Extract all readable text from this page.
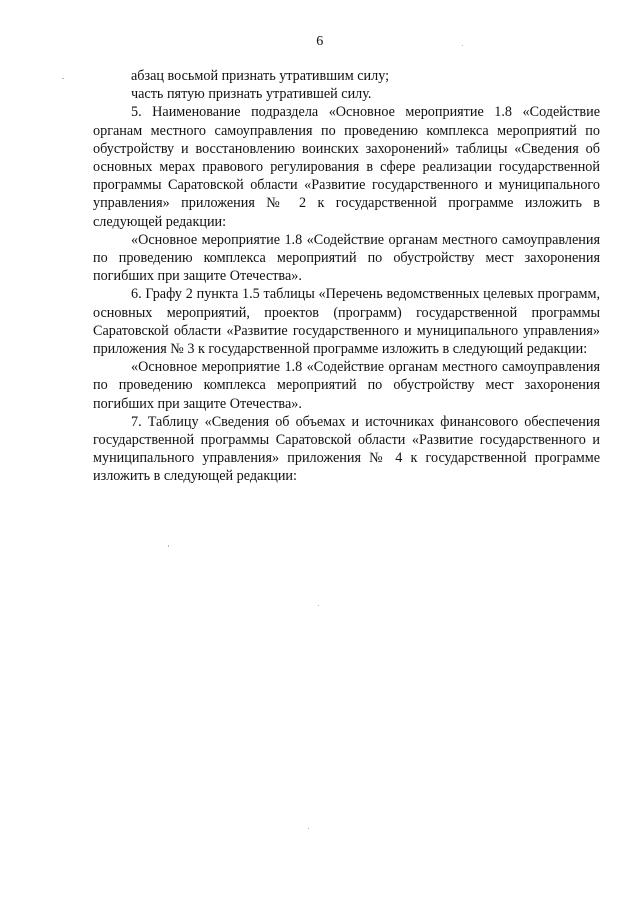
6

абзац восьмой признать утратившим силу;

часть пятую признать утратившей силу.

5. Наименование подраздела «Основное мероприятие 1.8 «Содействие органам местного самоуправления по проведению комплекса мероприятий по обустройству и восстановлению воинских захоронений» таблицы «Сведения об основных мерах правового регулирования в сфере реализации государственной программы Саратовской области «Развитие государственного и муниципального управления» приложения № 2 к государственной программе изложить в следующей редакции:

«Основное мероприятие 1.8 «Содействие органам местного самоуправления по проведению комплекса мероприятий по обустройству мест захоронения погибших при защите Отечества».

6. Графу 2 пункта 1.5 таблицы «Перечень ведомственных целевых программ, основных мероприятий, проектов (программ) государственной программы Саратовской области «Развитие государственного и муниципального управления» приложения № 3 к государственной программе изложить в следующий редакции:

«Основное мероприятие 1.8 «Содействие органам местного самоуправления по проведению комплекса мероприятий по обустройству мест захоронения погибших при защите Отечества».

7. Таблицу «Сведения об объемах и источниках финансового обеспечения государственной программы Саратовской области «Развитие государственного и муниципального управления» приложения № 4 к государственной программе изложить в следующей редакции:
